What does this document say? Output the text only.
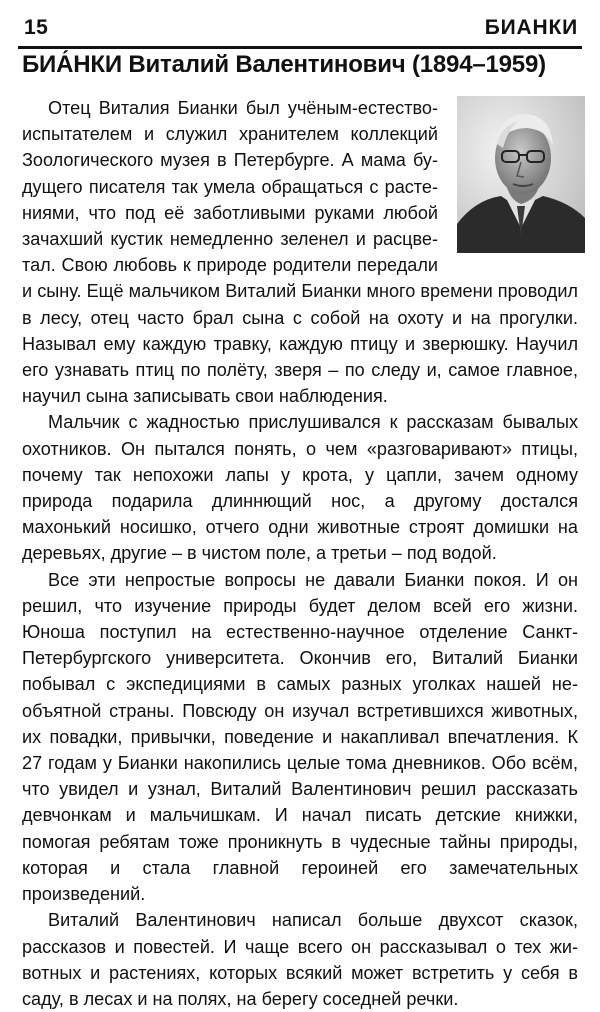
15	БИАНКИ
БИА́НКИ Виталий Валентинович (1894–1959)

Отец Виталия Бианки был учёным-естествоиспытателем и служил хранителем коллекций Зоологического музея в Петербурге. А мама будущего писателя так умела обращаться с растениями, что под её заботливыми руками любой зачахший кустик немедленно зеленел и расцветал. Свою любовь к природе родители передали и сыну. Ещё мальчиком Виталий Бианки много времени проводил в лесу, отец часто брал сына с собой на охоту и на прогулки. Называл ему каждую травку, каждую птицу и зверюшку. Научил его узнавать птиц по полёту, зверя – по следу и, самое главное, научил сына записывать свои наблюдения.

Мальчик с жадностью прислушивался к рассказам бывалых охотников. Он пытался понять, о чем «разговаривают» птицы, почему так непохожи лапы у крота, у цапли, зачем одному природа подарила длиннющий нос, а другому достался махонький носишко, отчего одни животные строят домишки на деревьях, другие – в чистом поле, а третьи – под водой.

Все эти непростые вопросы не давали Бианки покоя. И он решил, что изучение природы будет делом всей его жизни. Юноша поступил на естественно-научное отделение Санкт-Петербургского университета. Окончив его, Виталий Бианки побывал с экспедициями в самых разных уголках нашей необъятной страны. Повсюду он изучал встретившихся животных, их повадки, привычки, поведение и накапливал впечатления. К 27 годам у Бианки накопились целые тома дневников. Обо всём, что увидел и узнал, Виталий Валентинович решил рассказать девчонкам и мальчишкам. И начал писать детские книжки, помогая ребятам тоже проникнуть в чудесные тайны природы, которая и стала главной героиней его замечательных произведений.

Виталий Валентинович написал больше двухсот сказок, рассказов и повестей. И чаще всего он рассказывал о тех животных и растениях, которых всякий может встретить у себя в саду, в лесах и на полях, на берегу соседней речки.
